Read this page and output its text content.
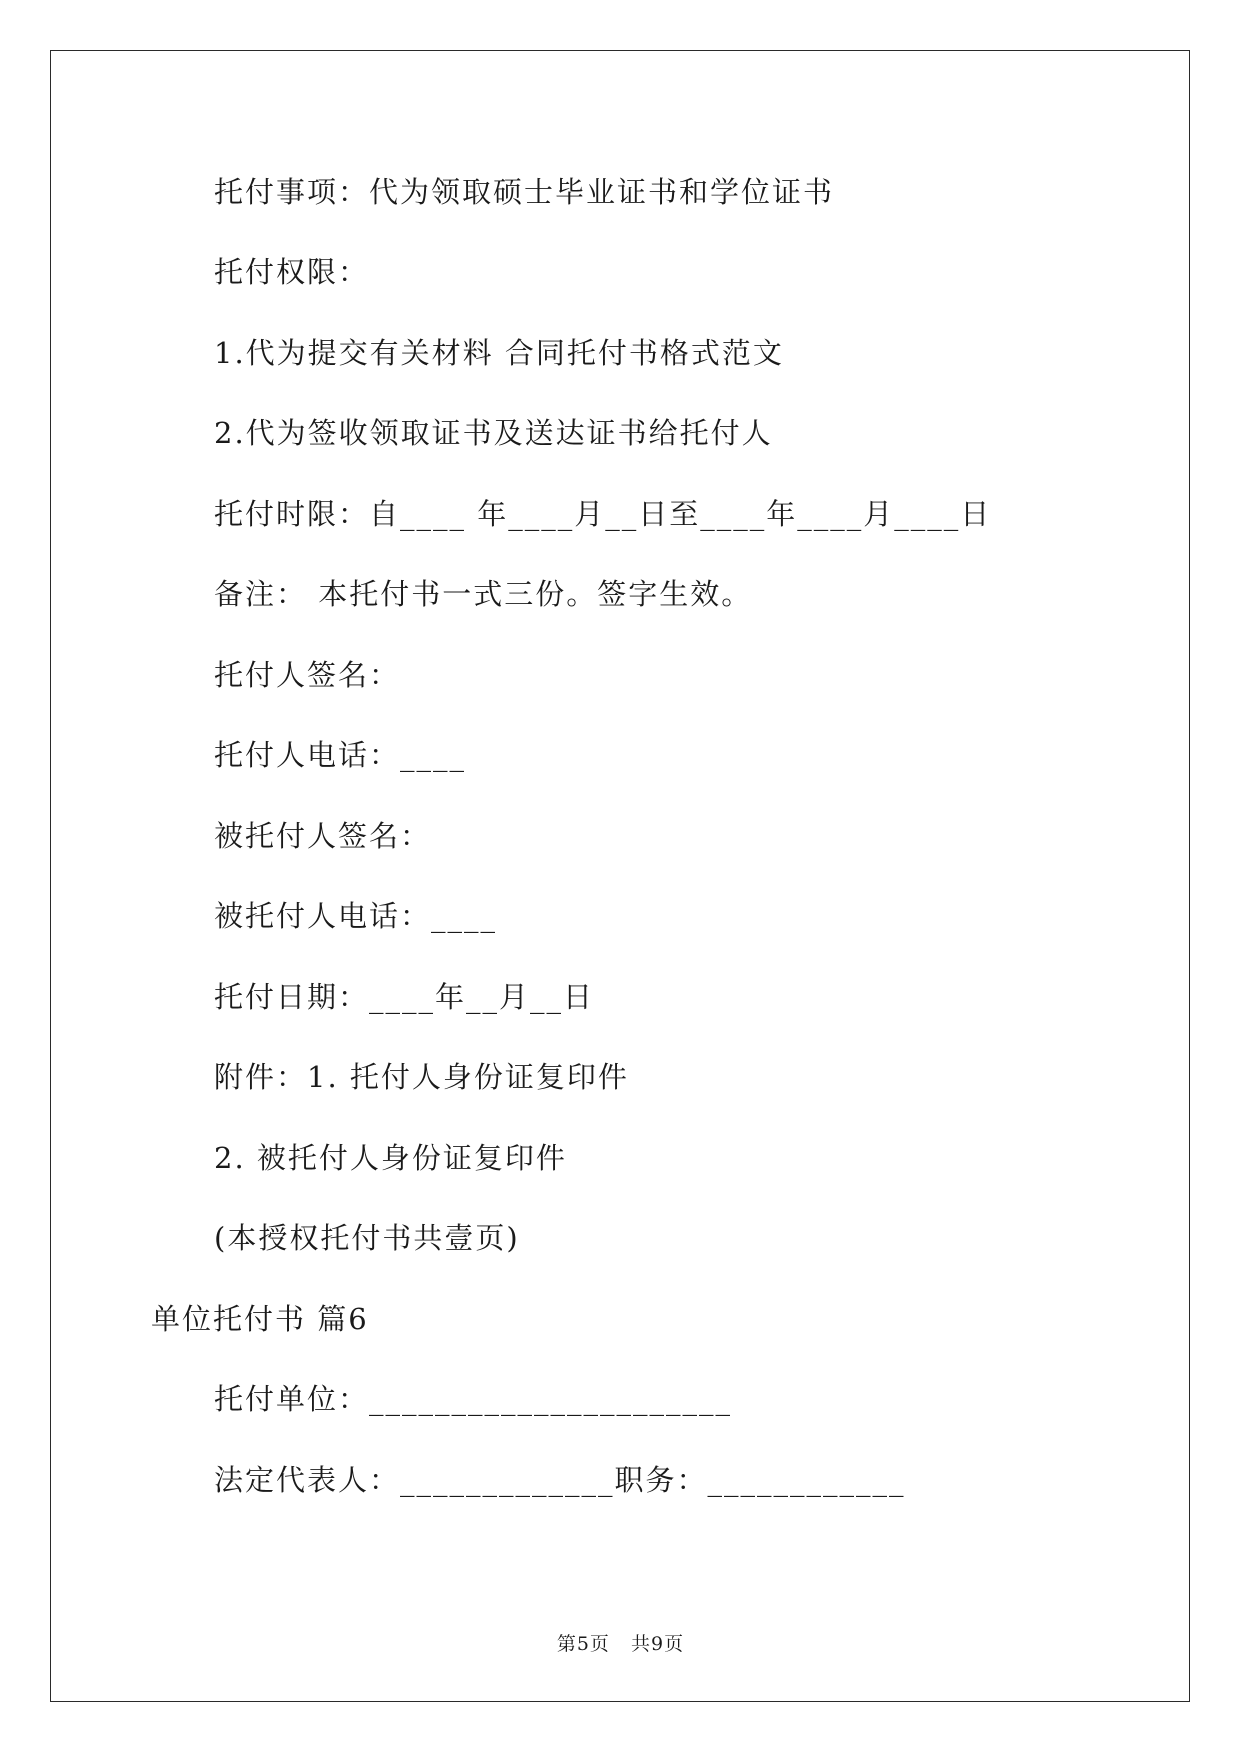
托付事项：代为领取硕士毕业证书和学位证书
托付权限：
1.代为提交有关材料 合同托付书格式范文
2.代为签收领取证书及送达证书给托付人
托付时限：自____ 年____月__日至____年____月____日
备注： 本托付书一式三份。签字生效。
托付人签名：
托付人电话：____
被托付人签名：
被托付人电话：____
托付日期：____年__月__日
附件：1. 托付人身份证复印件
2. 被托付人身份证复印件
(本授权托付书共壹页)
单位托付书 篇6
托付单位：______________________
法定代表人：_____________职务：____________
第5页   共9页
